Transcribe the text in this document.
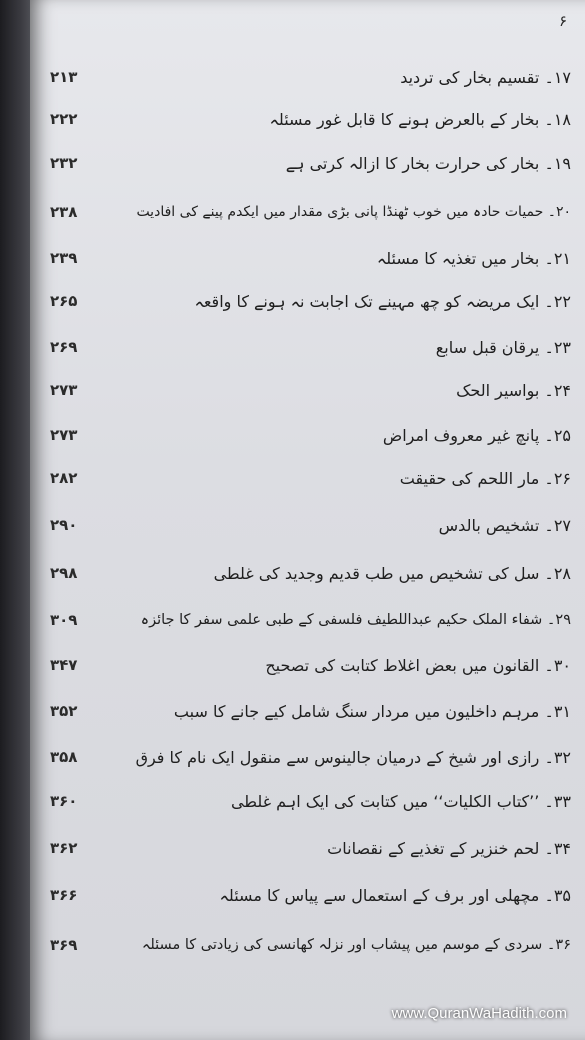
۶
۲۱۳	۱۷۔ تقسیم بخار کی تردید
۲۲۲	۱۸۔ بخار کے بالعرض ہونے کا قابل غور مسئلہ
۲۳۲	۱۹۔ بخار کی حرارت بخار کا ازالہ کرتی ہے
۲۳۸	۲۰۔ حمیات حادہ میں خوب ٹھنڈا پانی بڑی مقدار میں ایکدم پینے کی افادیت
۲۳۹	۲۱۔ بخار میں تغذیہ کا مسئلہ
۲۶۵	۲۲۔ ایک مریضہ کو چھ مہینے تک اجابت نہ ہونے کا واقعہ
۲۶۹	۲۳۔ یرقان قبل سابع
۲۷۳	۲۴۔ بواسیر الحک
۲۷۳	۲۵۔ پانچ غیر معروف امراض
۲۸۲	۲۶۔ مار اللحم کی حقیقت
۲۹۰	۲۷۔ تشخیص بالدس
۲۹۸	۲۸۔ سل کی تشخیص میں طب قدیم وجدید کی غلطی
۳۰۹	۲۹۔ شفاء الملک حکیم عبداللطیف فلسفی کے طبی علمی سفر کا جائزہ
۳۴۷	۳۰۔ القانون میں بعض اغلاط کتابت کی تصحیح
۳۵۲	۳۱۔ مرہم داخلیون میں مردار سنگ شامل کیے جانے کا سبب
۳۵۸	۳۲۔ رازی اور شیخ کے درمیان جالینوس سے منقول ایک نام کا فرق
۳۶۰	۳۳۔ ’’کتاب الکلیات‘‘ میں کتابت کی ایک اہم غلطی
۳۶۲	۳۴۔ لحم خنزیر کے تغذیے کے نقصانات
۳۶۶	۳۵۔ مچھلی اور برف کے استعمال سے پیاس کا مسئلہ
۳۶۹	۳۶۔ سردی کے موسم میں پیشاب اور نزلہ کھانسی کی زیادتی کا مسئلہ
www.QuranWaHadith.com
